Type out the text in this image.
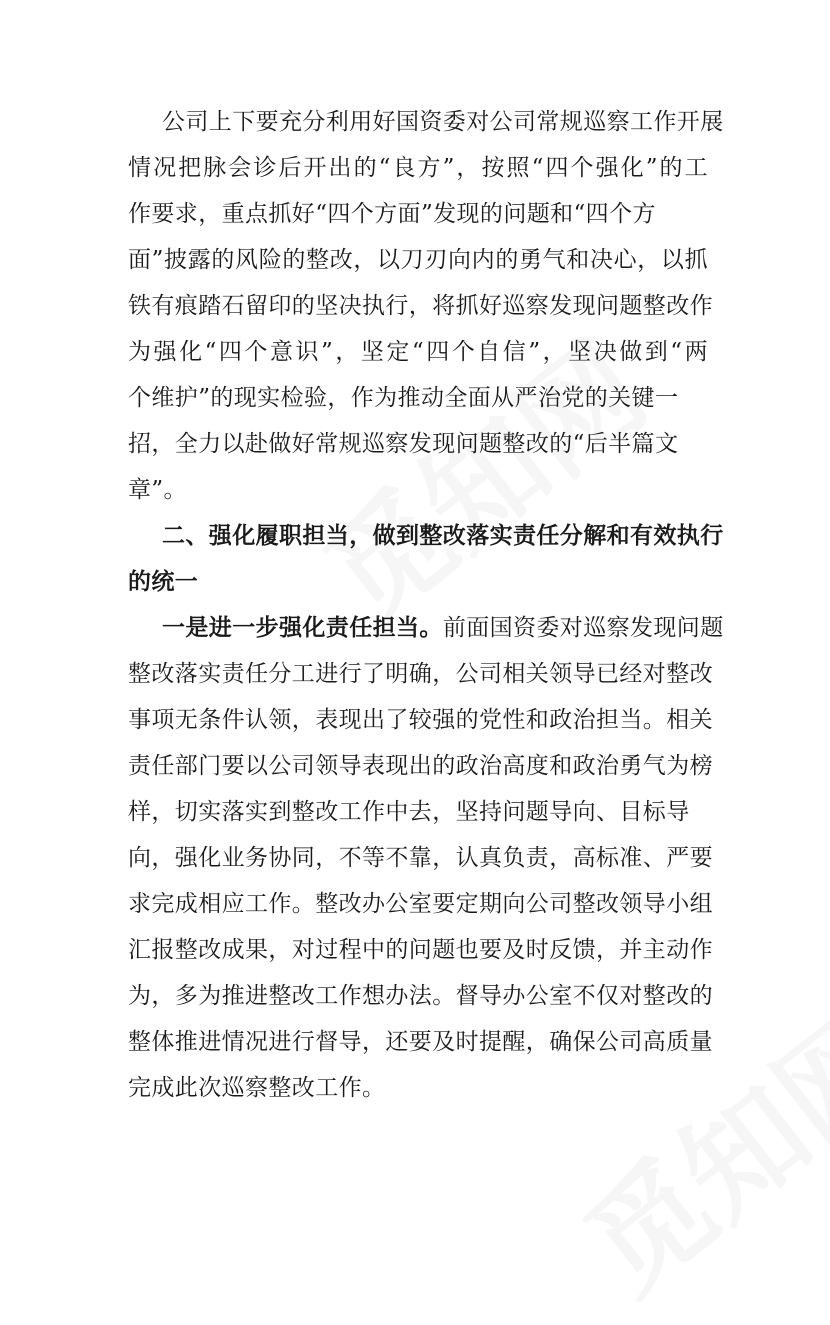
公司上下要充分利用好国资委对公司常规巡察工作开展
情况把脉会诊后开出的“良方”，按照“四个强化”的工
作要求，重点抓好“四个方面”发现的问题和“四个方
面”披露的风险的整改，以刀刃向内的勇气和决心，以抓
铁有痕踏石留印的坚决执行，将抓好巡察发现问题整改作
为强化“四个意识”，坚定“四个自信”，坚决做到“两
个维护”的现实检验，作为推动全面从严治党的关键一
招，全力以赴做好常规巡察发现问题整改的“后半篇文
章”。
二、强化履职担当，做到整改落实责任分解和有效执行
的统一
一是进一步强化责任担当。前面国资委对巡察发现问题
整改落实责任分工进行了明确，公司相关领导已经对整改
事项无条件认领，表现出了较强的党性和政治担当。相关
责任部门要以公司领导表现出的政治高度和政治勇气为榜
样，切实落实到整改工作中去，坚持问题导向、目标导
向，强化业务协同，不等不靠，认真负责，高标准、严要
求完成相应工作。整改办公室要定期向公司整改领导小组
汇报整改成果，对过程中的问题也要及时反馈，并主动作
为，多为推进整改工作想办法。督导办公室不仅对整改的
整体推进情况进行督导，还要及时提醒，确保公司高质量
完成此次巡察整改工作。
